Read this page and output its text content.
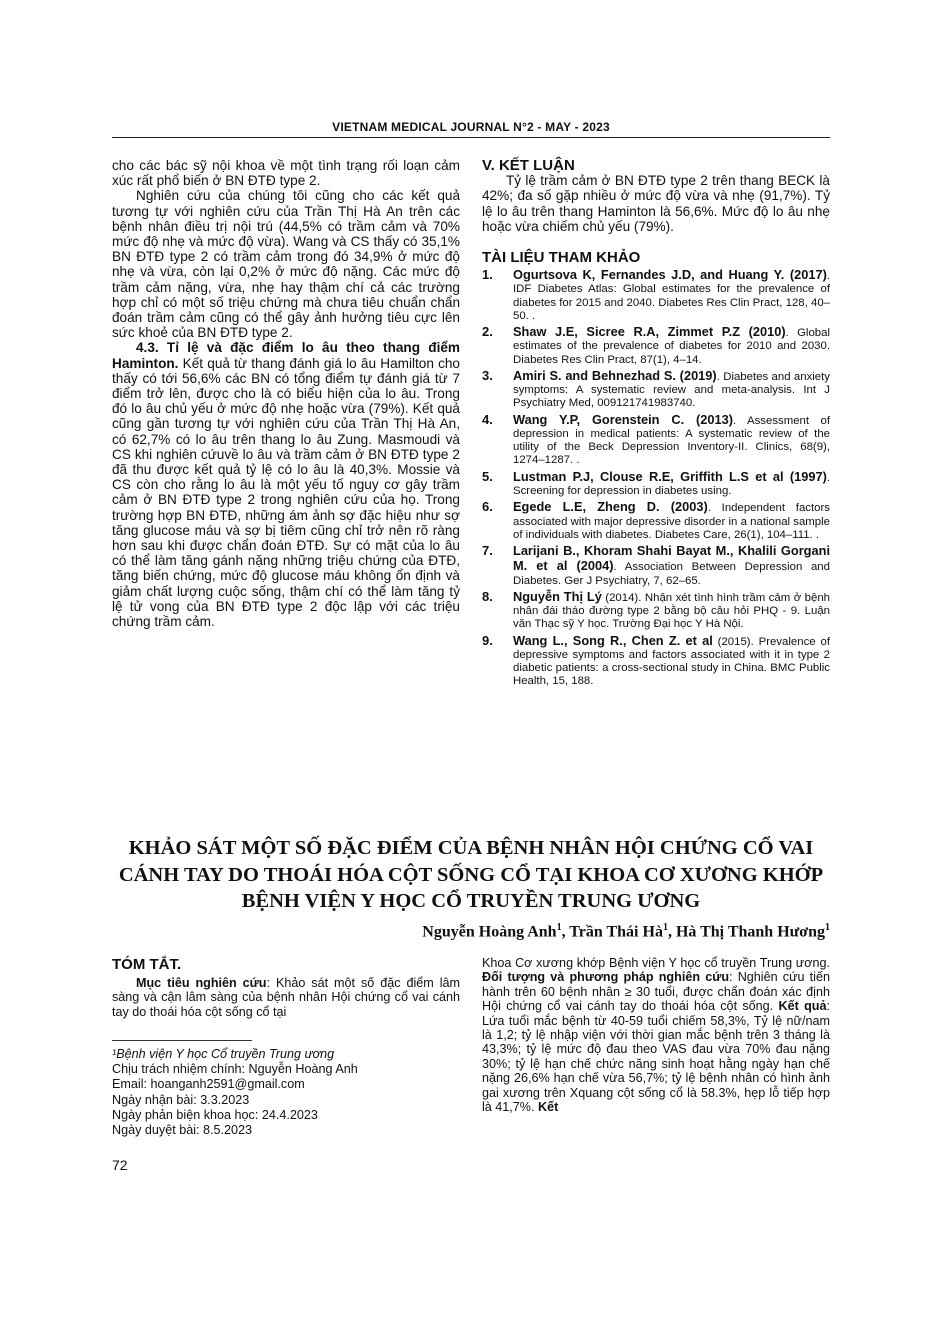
VIETNAM MEDICAL JOURNAL N°2 - MAY - 2023

cho các bác sỹ nội khoa về một tình trạng rối loạn cảm xúc rất phổ biến ở BN ĐTĐ type 2.

Nghiên cứu của chúng tôi cũng cho các kết quả tương tự với nghiên cứu của Trần Thị Hà An trên các bệnh nhân điều trị nội trú (44,5% có trầm cảm và 70% mức độ nhẹ và mức độ vừa). Wang và CS thấy có 35,1% BN ĐTĐ type 2 có trầm cảm trong đó 34,9% ở mức độ nhẹ và vừa, còn lại 0,2% ở mức độ nặng. Các mức độ trầm cảm nặng, vừa, nhẹ hay thậm chí cả các trường hợp chỉ có một số triệu chứng mà chưa tiêu chuẩn chẩn đoán trầm cảm cũng có thể gây ảnh hưởng tiêu cực lên sức khoẻ của BN ĐTĐ type 2.

4.3. Tỉ lệ và đặc điểm lo âu theo thang điểm Haminton. Kết quả từ thang đánh giá lo âu Hamilton cho thấy có tới 56,6% các BN có tổng điểm tự đánh giá từ 7 điểm trở lên, được cho là có biểu hiện của lo âu. Trong đó lo âu chủ yếu ở mức độ nhẹ hoặc vừa (79%). Kết quả cũng gần tương tự với nghiên cứu của Trần Thị Hà An, có 62,7% có lo âu trên thang lo âu Zung. Masmoudi và CS khi nghiên cứuvề lo âu và trầm cảm ở BN ĐTĐ type 2 đã thu được kết quả tỷ lệ có lo âu là 40,3%. Mossie và CS còn cho rằng lo âu là một yếu tố nguy cơ gây trầm cảm ở BN ĐTĐ type 2 trong nghiên cứu của họ. Trong trường hợp BN ĐTĐ, những ám ảnh sợ đặc hiệu như sợ tăng glucose máu và sợ bị tiêm cũng chỉ trở nên rõ ràng hơn sau khi được chẩn đoán ĐTĐ. Sự có mặt của lo âu có thể làm tăng gánh nặng những triệu chứng của ĐTĐ, tăng biến chứng, mức độ glucose máu không ổn định và giảm chất lượng cuộc sống, thậm chí có thể làm tăng tỷ lệ tử vong của BN ĐTĐ type 2 độc lập với các triệu chứng trầm cảm.

V. KẾT LUẬN

Tỷ lệ trầm cảm ở BN ĐTĐ type 2 trên thang BECK là 42%; đa số gặp nhiều ở mức độ vừa và nhẹ (91,7%). Tỷ lệ lo âu trên thang Haminton là 56,6%. Mức độ lo âu nhẹ hoặc vừa chiếm chủ yếu (79%).

TÀI LIỆU THAM KHẢO

1. Ogurtsova K, Fernandes J.D, and Huang Y. (2017). IDF Diabetes Atlas: Global estimates for the prevalence of diabetes for 2015 and 2040. Diabetes Res Clin Pract, 128, 40–50. .
2. Shaw J.E, Sicree R.A, Zimmet P.Z (2010). Global estimates of the prevalence of diabetes for 2010 and 2030. Diabetes Res Clin Pract, 87(1), 4–14.
3. Amiri S. and Behnezhad S. (2019). Diabetes and anxiety symptoms: A systematic review and meta-analysis. Int J Psychiatry Med, 009121741983740.
4. Wang Y.P, Gorenstein C. (2013). Assessment of depression in medical patients: A systematic review of the utility of the Beck Depression Inventory-II. Clinics, 68(9), 1274–1287. .
5. Lustman P.J, Clouse R.E, Griffith L.S et al (1997). Screening for depression in diabetes using.
6. Egede L.E, Zheng D. (2003). Independent factors associated with major depressive disorder in a national sample of individuals with diabetes. Diabetes Care, 26(1), 104–111. .
7. Larijani B., Khoram Shahi Bayat M., Khalili Gorgani M. et al (2004). Association Between Depression and Diabetes. Ger J Psychiatry, 7, 62–65.
8. Nguyễn Thị Lý (2014). Nhận xét tình hình trầm cảm ở bệnh nhân đái tháo đường type 2 bằng bộ câu hỏi PHQ - 9. Luận văn Thạc sỹ Y học. Trường Đại học Y Hà Nội.
9. Wang L., Song R., Chen Z. et al (2015). Prevalence of depressive symptoms and factors associated with it in type 2 diabetic patients: a cross-sectional study in China. BMC Public Health, 15, 188.
KHẢO SÁT MỘT SỐ ĐẶC ĐIỂM CỦA BỆNH NHÂN HỘI CHỨNG CỔ VAI
CÁNH TAY DO THOÁI HÓA CỘT SỐNG CỔ TẠI KHOA CƠ XƯƠNG KHỚP
BỆNH VIỆN Y HỌC CỔ TRUYỀN TRUNG ƯƠNG
Nguyễn Hoàng Anh$^1$, Trần Thái $Hà^1$, Hà Thị Thanh Hương$^1$
TÓM TẮT.
Mục tiêu nghiên cứu: Khảo sát một số đặc điểm lâm sàng và cận lâm sàng của bệnh nhân Hội chứng cổ vai cánh tay do thoái hóa cột sống cổ tại
¹Bệnh viện Y học Cổ truyền Trung ương
Chịu trách nhiệm chính: Nguyễn Hoàng Anh
Email: hoanganh2591@gmail.com
Ngày nhận bài: 3.3.2023
Ngày phản biện khoa học: 24.4.2023
Ngày duyệt bài: 8.5.2023
Khoa Cơ xương khớp Bệnh viện Y học cổ truyền Trung ương. Đối tượng và phương pháp nghiên cứu: Nghiên cứu tiến hành trên 60 bệnh nhân ≥ 30 tuổi, được chẩn đoán xác định Hội chứng cổ vai cánh tay do thoái hóa cột sống. Kết quả: Lứa tuổi mắc bệnh từ 40-59 tuổi chiếm 58,3%, Tỷ lệ nữ/nam là 1,2; tỷ lệ nhập viện với thời gian mắc bệnh trên 3 tháng là 43,3%; tỷ lệ mức độ đau theo VAS đau vừa 70% đau nặng 30%; tỷ lệ hạn chế chức năng sinh hoạt hằng ngày hạn chế nặng 26,6% hạn chế vừa 56,7%; tỷ lệ bệnh nhân có hình ảnh gai xương trên Xquang cột sống cổ là 58.3%, hẹp lỗ tiếp hợp là 41,7%. Kết
72
